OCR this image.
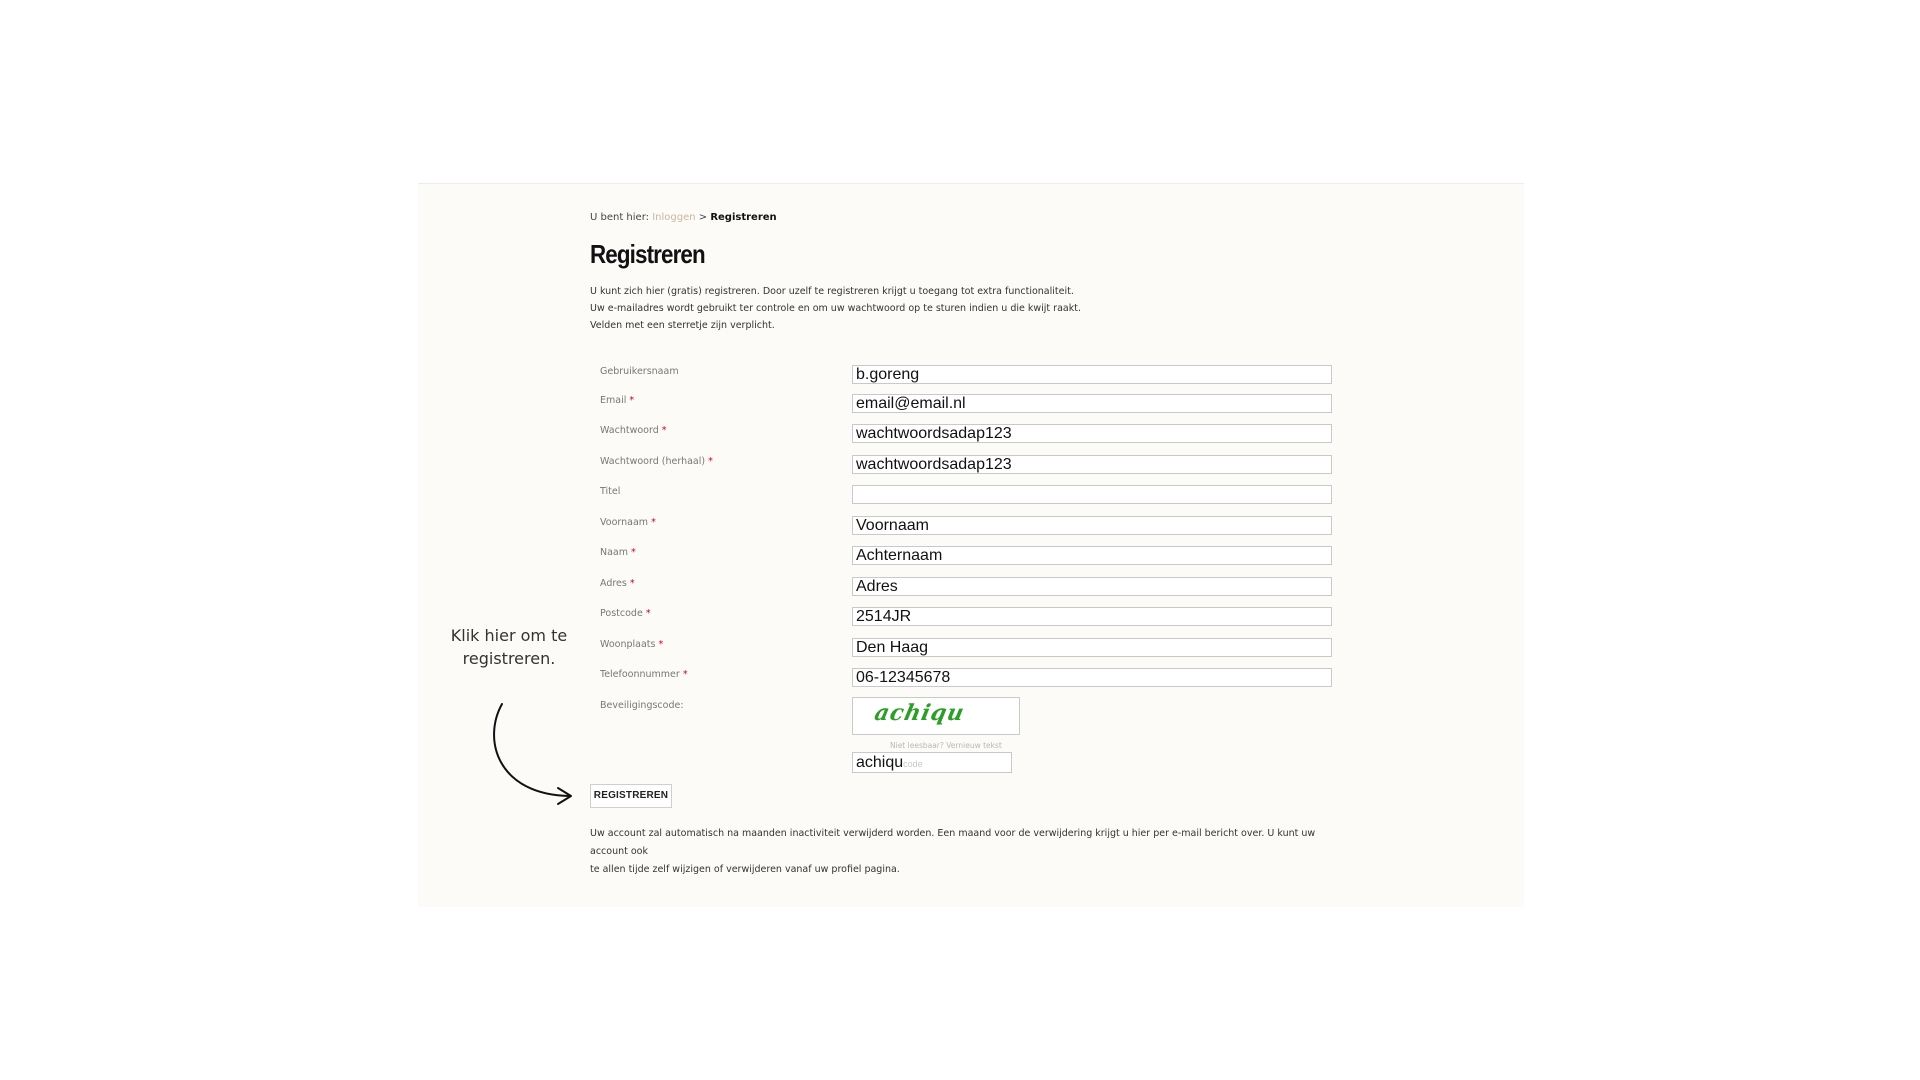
U bent hier: Inloggen > Registreren
Registreren

U kunt zich hier (gratis) registreren. Door uzelf te registreren krijgt u toegang tot extra functionaliteit.

Uw e-mailadres wordt gebruikt ter controle en om uw wachtwoord op te sturen indien u die kwijt raakt.

Velden met een sterretje zijn verplicht.

Gebruikersnaam	b.goreng
Email *	email@email.nl
Wachtwoord *	wachtwoordsadap123
Wachtwoord (herhaal) *	wachtwoordsadap123
Titel
Voornaam *	Voornaam
Naam *	Achternaam
Adres *	Adres
Postcode *	2514JR
Woonplaats *	Den Haag
Telefoonnummer *	06-12345678
Beveiligingscode:	achiqu
Niet leesbaar? Vernieuw tekst
achiqucode
REGISTREREN

Uw account zal automatisch na maanden inactiviteit verwijderd worden. Een maand voor de verwijdering krijgt u hier per e-mail bericht over. U kunt uw account ook

te allen tijde zelf wijzigen of verwijderen vanaf uw profiel pagina.

Klik hier om te
registreren.
